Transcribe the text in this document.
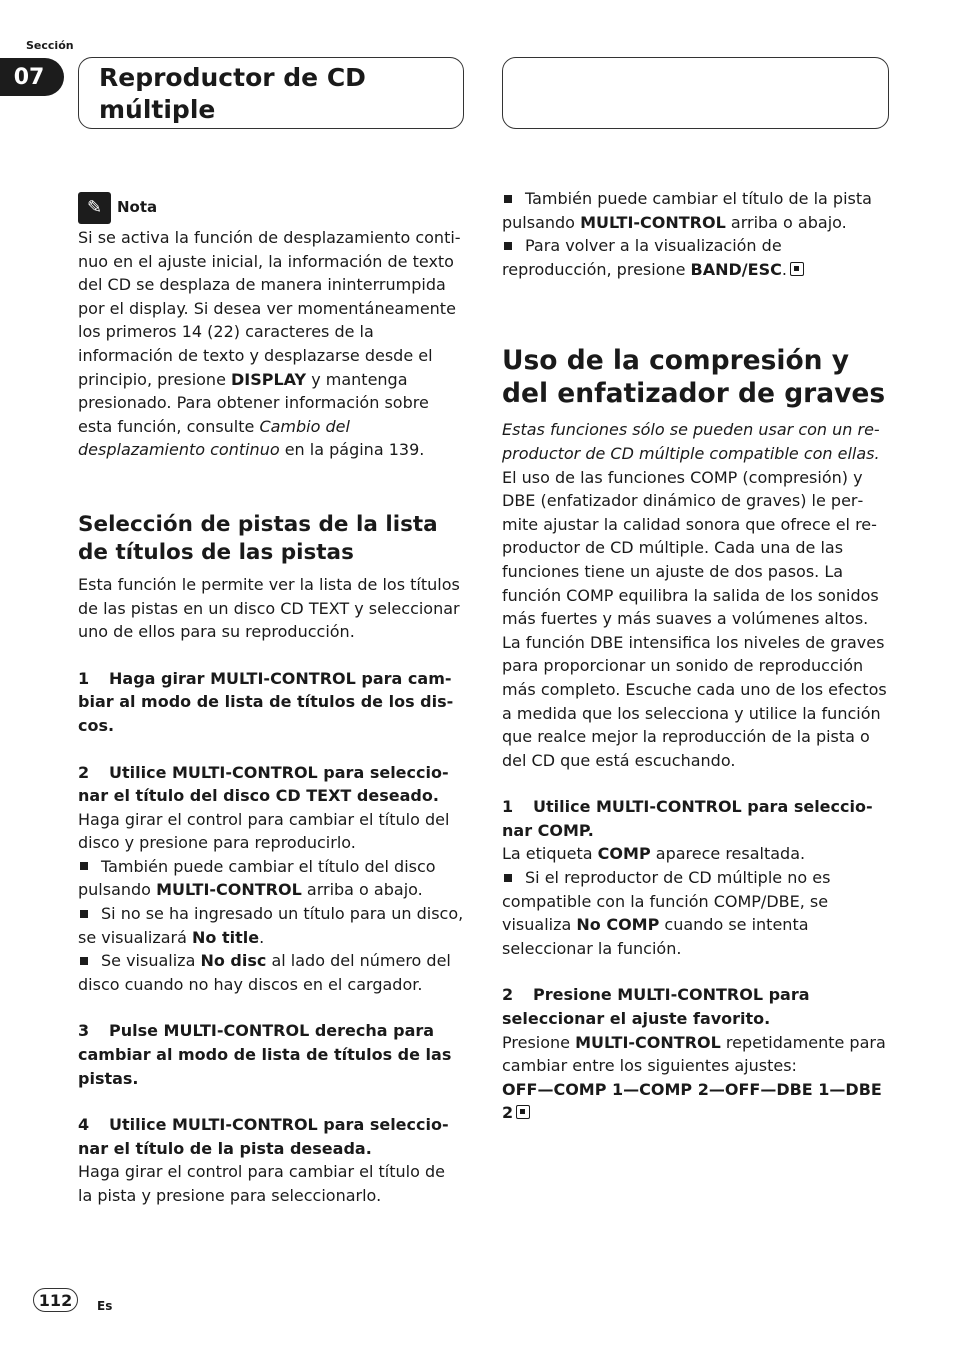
Sección
07	Reproductor de CD
múltiple
✎ Nota

Si se activa la función de desplazamiento continuo en el ajuste inicial, la información de texto del CD se desplaza de manera ininterrumpida por el display. Si desea ver momentáneamente los primeros 14 (22) caracteres de la información de texto y desplazarse desde el principio, presione DISPLAY y mantenga presionado. Para obtener información sobre esta función, consulte Cambio del desplazamiento continuo en la página 139.

Selección de pistas de la lista de títulos de las pistas

Esta función le permite ver la lista de los títulos de las pistas en un disco CD TEXT y seleccionar uno de ellos para su reproducción.

1 Haga girar MULTI-CONTROL para cambiar al modo de lista de títulos de los discos.

2 Utilice MULTI-CONTROL para seleccionar el título del disco CD TEXT deseado.

Haga girar el control para cambiar el título del disco y presione para reproducirlo.

También puede cambiar el título del disco pulsando MULTI-CONTROL arriba o abajo.

Si no se ha ingresado un título para un disco, se visualizará No title.

Se visualiza No disc al lado del número del disco cuando no hay discos en el cargador.

3 Pulse MULTI-CONTROL derecha para cambiar al modo de lista de títulos de las pistas.

4 Utilice MULTI-CONTROL para seleccionar el título de la pista deseada.

Haga girar el control para cambiar el título de la pista y presione para seleccionarlo.

También puede cambiar el título de la pista pulsando MULTI-CONTROL arriba o abajo.

Para volver a la visualización de reproducción, presione BAND/ESC.

Uso de la compresión y del enfatizador de graves

Estas funciones sólo se pueden usar con un reproductor de CD múltiple compatible con ellas.

El uso de las funciones COMP (compresión) y DBE (enfatizador dinámico de graves) le permite ajustar la calidad sonora que ofrece el reproductor de CD múltiple. Cada una de las funciones tiene un ajuste de dos pasos. La función COMP equilibra la salida de los sonidos más fuertes y más suaves a volúmenes altos. La función DBE intensifica los niveles de graves para proporcionar un sonido de reproducción más completo. Escuche cada uno de los efectos a medida que los selecciona y utilice la función que realce mejor la reproducción de la pista o del CD que está escuchando.

1 Utilice MULTI-CONTROL para seleccionar COMP.

La etiqueta COMP aparece resaltada.

Si el reproductor de CD múltiple no es compatible con la función COMP/DBE, se visualiza No COMP cuando se intenta seleccionar la función.

2 Presione MULTI-CONTROL para seleccionar el ajuste favorito.

Presione MULTI-CONTROL repetidamente para cambiar entre los siguientes ajustes:

OFF—COMP 1—COMP 2—OFF—DBE 1—DBE 2

112	Es
